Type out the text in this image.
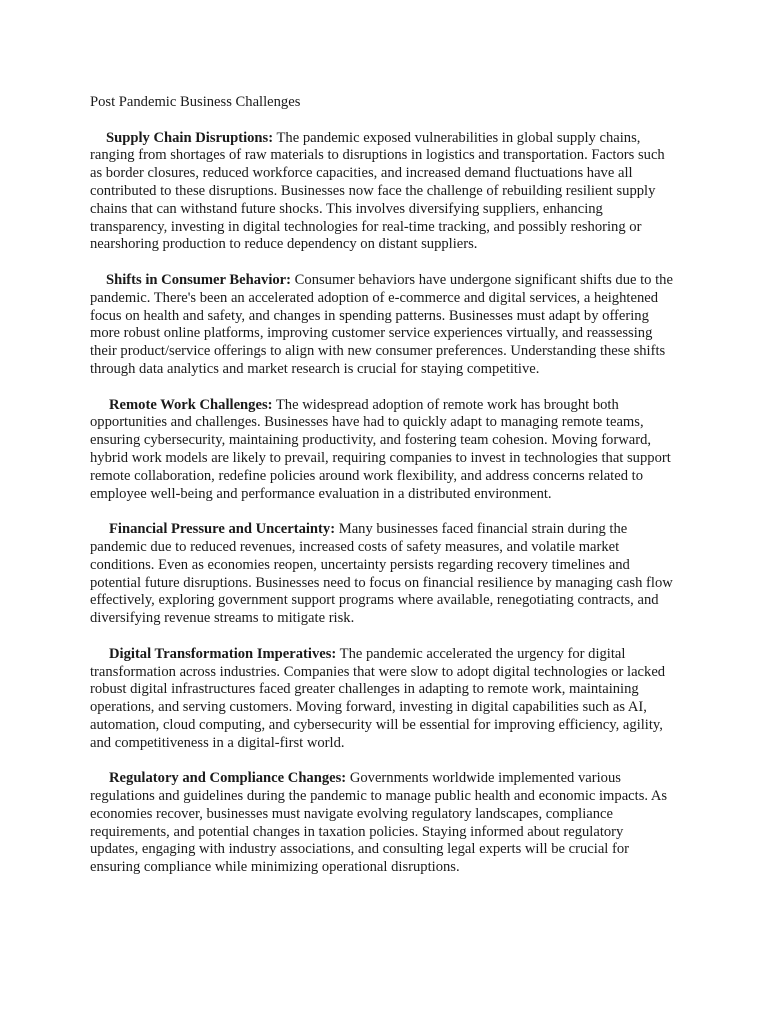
Post Pandemic Business Challenges

Supply Chain Disruptions: The pandemic exposed vulnerabilities in global supply chains, ranging from shortages of raw materials to disruptions in logistics and transportation. Factors such as border closures, reduced workforce capacities, and increased demand fluctuations have all contributed to these disruptions. Businesses now face the challenge of rebuilding resilient supply chains that can withstand future shocks. This involves diversifying suppliers, enhancing transparency, investing in digital technologies for real-time tracking, and possibly reshoring or nearshoring production to reduce dependency on distant suppliers.

Shifts in Consumer Behavior: Consumer behaviors have undergone significant shifts due to the pandemic. There's been an accelerated adoption of e-commerce and digital services, a heightened focus on health and safety, and changes in spending patterns. Businesses must adapt by offering more robust online platforms, improving customer service experiences virtually, and reassessing their product/service offerings to align with new consumer preferences. Understanding these shifts through data analytics and market research is crucial for staying competitive.

Remote Work Challenges: The widespread adoption of remote work has brought both opportunities and challenges. Businesses have had to quickly adapt to managing remote teams, ensuring cybersecurity, maintaining productivity, and fostering team cohesion. Moving forward, hybrid work models are likely to prevail, requiring companies to invest in technologies that support remote collaboration, redefine policies around work flexibility, and address concerns related to employee well-being and performance evaluation in a distributed environment.

Financial Pressure and Uncertainty: Many businesses faced financial strain during the pandemic due to reduced revenues, increased costs of safety measures, and volatile market conditions. Even as economies reopen, uncertainty persists regarding recovery timelines and potential future disruptions. Businesses need to focus on financial resilience by managing cash flow effectively, exploring government support programs where available, renegotiating contracts, and diversifying revenue streams to mitigate risk.

Digital Transformation Imperatives: The pandemic accelerated the urgency for digital transformation across industries. Companies that were slow to adopt digital technologies or lacked robust digital infrastructures faced greater challenges in adapting to remote work, maintaining operations, and serving customers. Moving forward, investing in digital capabilities such as AI, automation, cloud computing, and cybersecurity will be essential for improving efficiency, agility, and competitiveness in a digital-first world.

Regulatory and Compliance Changes: Governments worldwide implemented various regulations and guidelines during the pandemic to manage public health and economic impacts. As economies recover, businesses must navigate evolving regulatory landscapes, compliance requirements, and potential changes in taxation policies. Staying informed about regulatory updates, engaging with industry associations, and consulting legal experts will be crucial for ensuring compliance while minimizing operational disruptions.
